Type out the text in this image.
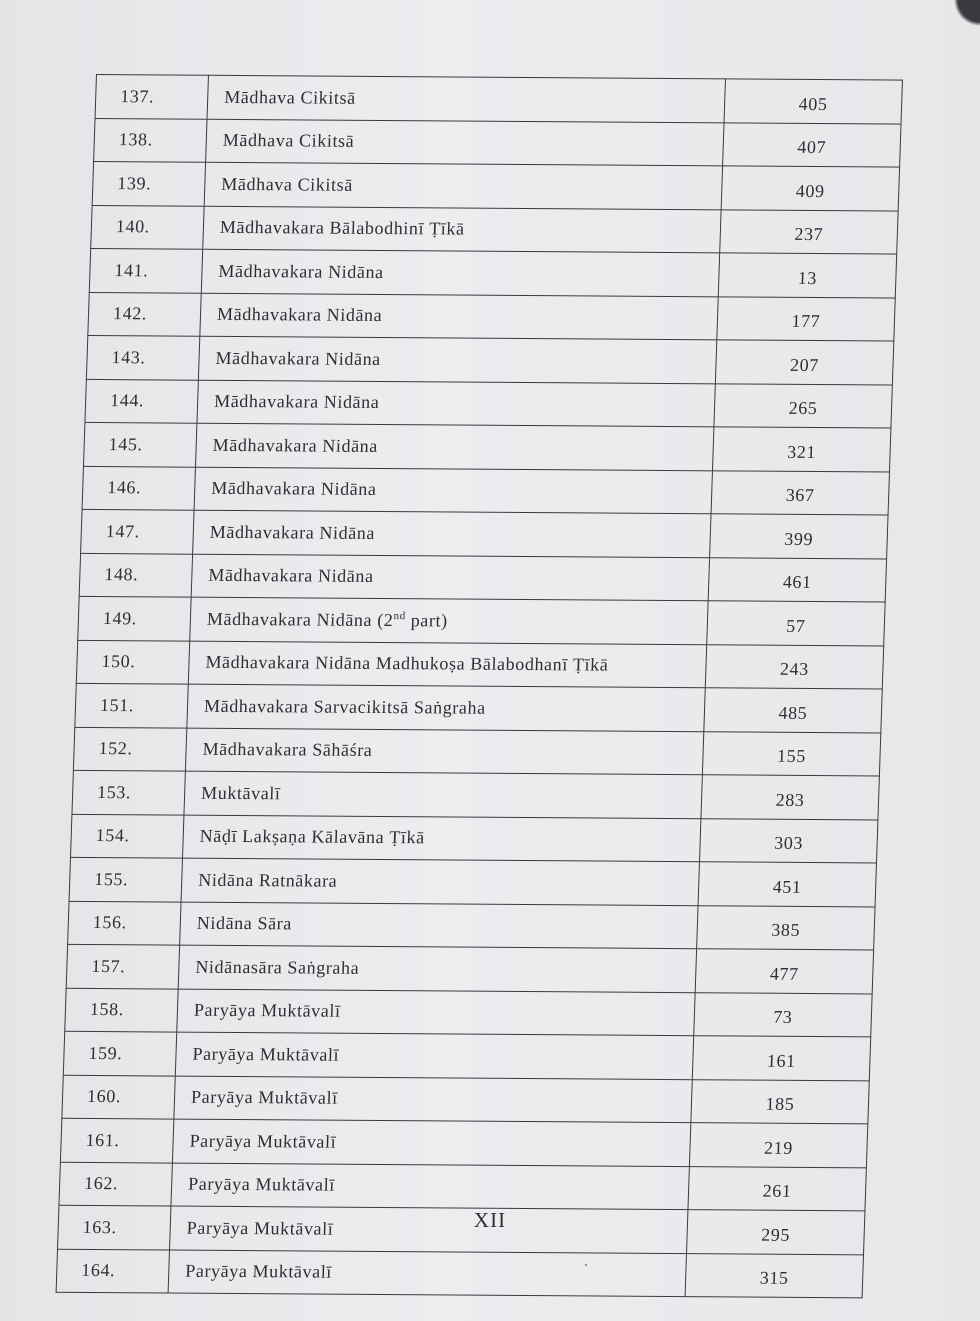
137.	Mādhava Cikitsā	405
138.	Mādhava Cikitsā	407
139.	Mādhava Cikitsā	409
140.	Mādhavakara Bālabodhinī Ṭīkā	237
141.	Mādhavakara Nidāna	13
142.	Mādhavakara Nidāna	177
143.	Mādhavakara Nidāna	207
144.	Mādhavakara Nidāna	265
145.	Mādhavakara Nidāna	321
146.	Mādhavakara Nidāna	367
147.	Mādhavakara Nidāna	399
148.	Mādhavakara Nidāna	461
149.	Mādhavakara Nidāna (2nd part)	57
150.	Mādhavakara Nidāna Madhukoṣa Bālabodhanī Ṭīkā	243
151.	Mādhavakara Sarvacikitsā Saṅgraha	485
152.	Mādhavakara Sāhāśra	155
153.	Muktāvalī	283
154.	Nāḍī Lakṣaṇa Kālavāna Ṭīkā	303
155.	Nidāna Ratnākara	451
156.	Nidāna Sāra	385
157.	Nidānasāra Saṅgraha	477
158.	Paryāya Muktāvalī	73
159.	Paryāya Muktāvalī	161
160.	Paryāya Muktāvalī	185
161.	Paryāya Muktāvalī	219
162.	Paryāya Muktāvalī	261
163.	Paryāya Muktāvalī	295
164.	Paryāya Muktāvalī	315
XII
